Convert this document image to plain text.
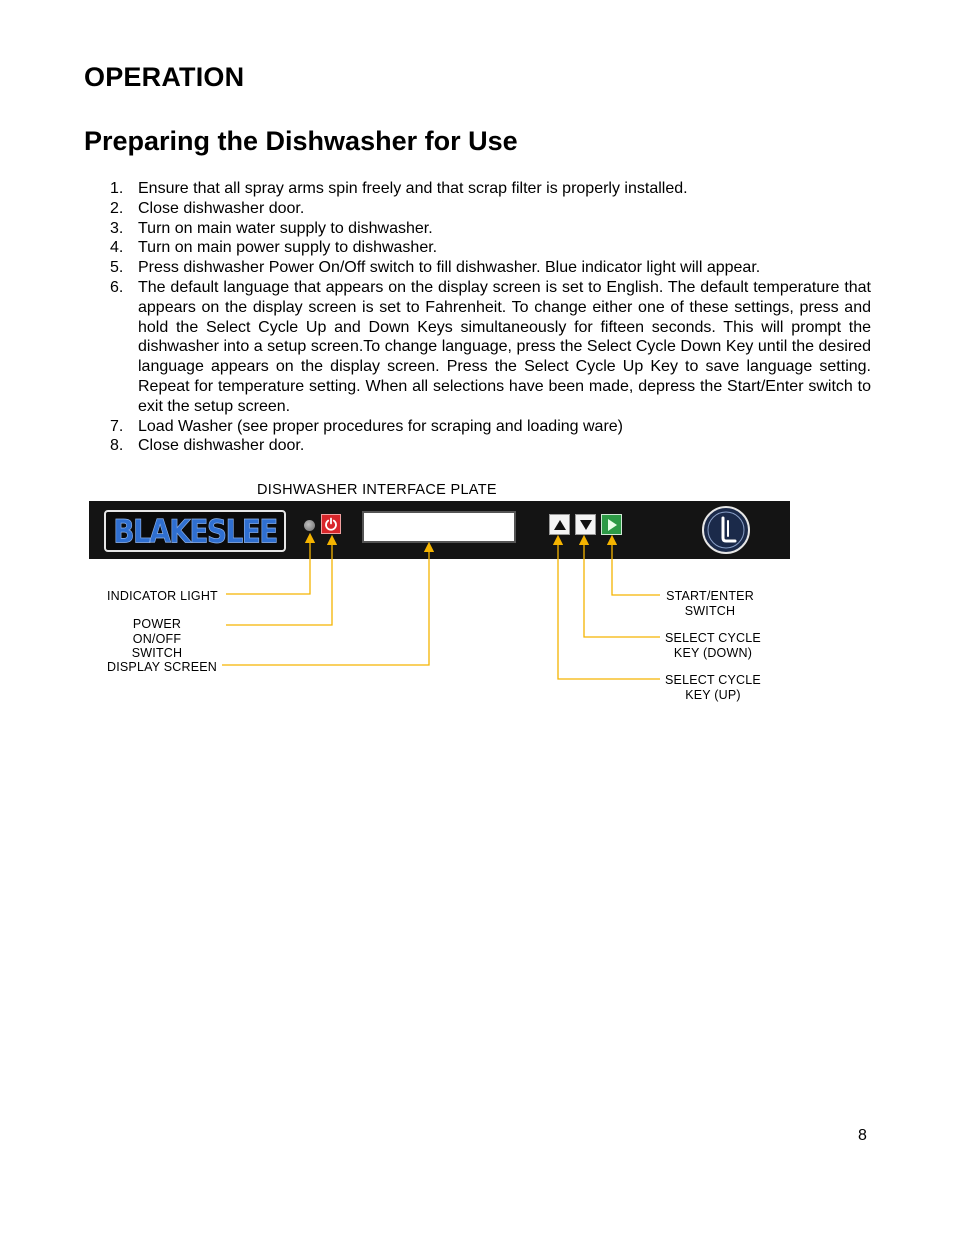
OPERATION
Preparing the Dishwasher for Use
1. Ensure that all spray arms spin freely and that scrap filter is properly installed.
2. Close dishwasher door.
3. Turn on main water supply to dishwasher.
4. Turn on main power supply to dishwasher.
5. Press dishwasher Power On/Off switch to fill dishwasher. Blue indicator light will appear.
6. The default language that appears on the display screen is set to English. The default temperature that appears on the display screen is set to Fahrenheit. To change either one of these settings, press and hold the Select Cycle Up and Down Keys simultaneously for fifteen seconds. This will prompt the dishwasher into a setup screen.To change language, press the Select Cycle Down Key until the desired language appears on the display screen. Press the Select Cycle Up Key to save language setting. Repeat for temperature setting. When all selections have been made, depress the Start/Enter switch to exit the setup screen.
7. Load Washer (see proper procedures for scraping and loading ware)
8. Close dishwasher door.
DISHWASHER INTERFACE PLATE
BLAKESLEE
INDICATOR LIGHT
POWER ON/OFF
SWITCH
DISPLAY SCREEN
START/ENTER
SWITCH
SELECT CYCLE
KEY (DOWN)
SELECT CYCLE
KEY (UP)
8
